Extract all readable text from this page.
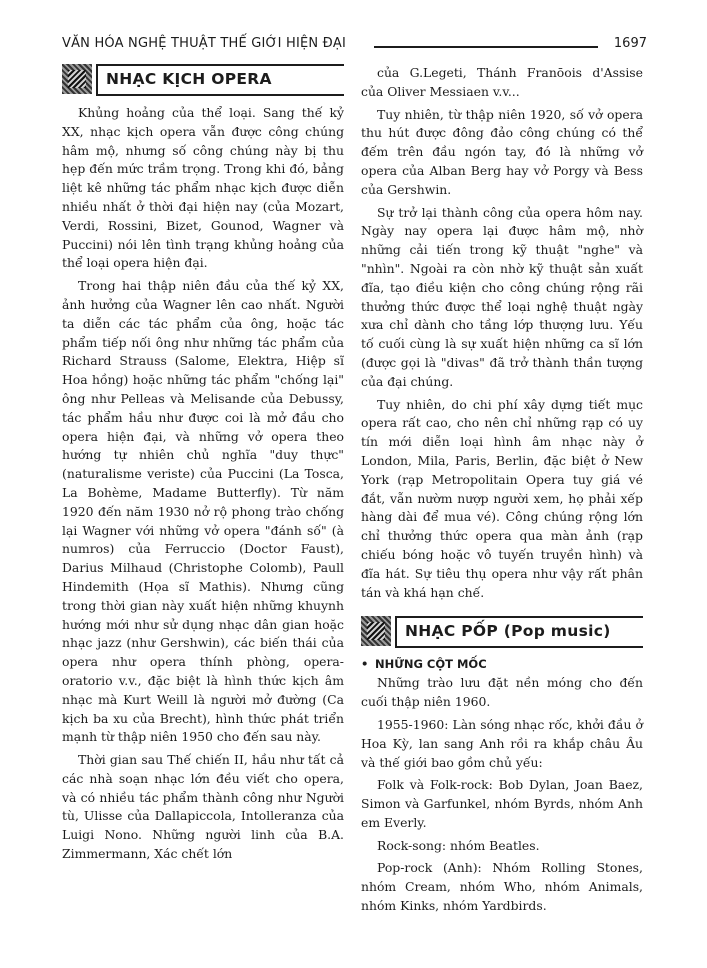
VĂN HÓA NGHỆ THUẬT THẾ GIỚI HIỆN ĐẠI	1697
NHẠC KỊCH OPERA

Khủng hoảng của thể loại. Sang thế kỷ XX, nhạc kịch opera vẫn được công chúng hâm mộ, nhưng số công chúng này bị thu hẹp đến mức trầm trọng. Trong khi đó, bảng liệt kê những tác phẩm nhạc kịch được diễn nhiều nhất ở thời đại hiện nay (của Mozart, Verdi, Rossini, Bizet, Gounod, Wagner và Puccini) nói lên tình trạng khủng hoảng của thể loại opera hiện đại.

Trong hai thập niên đầu của thế kỷ XX, ảnh hưởng của Wagner lên cao nhất. Người ta diễn các tác phẩm của ông, hoặc tác phẩm tiếp nối ông như những tác phẩm của Richard Strauss (Salome, Elektra, Hiệp sĩ Hoa hồng) hoặc những tác phẩm "chống lại" ông như Pelleas và Melisande của Debussy, tác phẩm hầu như được coi là mở đầu cho opera hiện đại, và những vở opera theo hướng tự nhiên chủ nghĩa "duy thực" (naturalisme veriste) của Puccini (La Tosca, La Bohème, Madame Butterfly). Từ năm 1920 đến năm 1930 nở rộ phong trào chống lại Wagner với những vở opera "đánh số" (à numros) của Ferruccio (Doctor Faust), Darius Milhaud (Christophe Colomb), Paull Hindemith (Họa sĩ Mathis). Nhưng cũng trong thời gian này xuất hiện những khuynh hướng mới như sử dụng nhạc dân gian hoặc nhạc jazz (như Gershwin), các biến thái của opera như opera thính phòng, opera-oratorio v.v., đặc biệt là hình thức kịch âm nhạc mà Kurt Weill là người mở đường (Ca kịch ba xu của Brecht), hình thức phát triển mạnh từ thập niên 1950 cho đến sau này.

Thời gian sau Thế chiến II, hầu như tất cả các nhà soạn nhạc lớn đều viết cho opera, và có nhiều tác phẩm thành công như Người tù, Ulisse của Dallapiccola, Intolleranza của Luigi Nono. Những người linh của B.A. Zimmermann, Xác chết lớn

của G.Legeti, Thánh Franōois d'Assise của Oliver Messiaen v.v...

Tuy nhiên, từ thập niên 1920, số vở opera thu hút được đông đảo công chúng có thể đếm trên đầu ngón tay, đó là những vở opera của Alban Berg hay vở Porgy và Bess của Gershwin.

Sự trở lại thành công của opera hôm nay. Ngày nay opera lại được hâm mộ, nhờ những cải tiến trong kỹ thuật "nghe" và "nhìn". Ngoài ra còn nhờ kỹ thuật sản xuất đĩa, tạo điều kiện cho công chúng rộng rãi thưởng thức được thể loại nghệ thuật ngày xưa chỉ dành cho tầng lớp thượng lưu. Yếu tố cuối cùng là sự xuất hiện những ca sĩ lớn (được gọi là "divas" đã trở thành thần tượng của đại chúng.

Tuy nhiên, do chi phí xây dựng tiết mục opera rất cao, cho nên chỉ những rạp có uy tín mới diễn loại hình âm nhạc này ở London, Mila, Paris, Berlin, đặc biệt ở New York (rạp Metropolitain Opera tuy giá vé đắt, vẫn nườm nượp người xem, họ phải xếp hàng dài để mua vé). Công chúng rộng lớn chỉ thưởng thức opera qua màn ảnh (rạp chiếu bóng hoặc vô tuyến truyền hình) và đĩa hát. Sự tiêu thụ opera như vậy rất phân tán và khá hạn chế.

NHẠC PỐP (Pop music)
• NHỮNG CỘT MỐC

Những trào lưu đặt nền móng cho đến cuối thập niên 1960.

1955-1960: Làn sóng nhạc rốc, khởi đầu ở Hoa Kỳ, lan sang Anh rồi ra khắp châu Âu và thế giới bao gồm chủ yếu:

Folk và Folk-rock: Bob Dylan, Joan Baez, Simon và Garfunkel, nhóm Byrds, nhóm Anh em Everly.

Rock-song: nhóm Beatles.

Pop-rock (Anh): Nhóm Rolling Stones, nhóm Cream, nhóm Who, nhóm Animals, nhóm Kinks, nhóm Yardbirds.
